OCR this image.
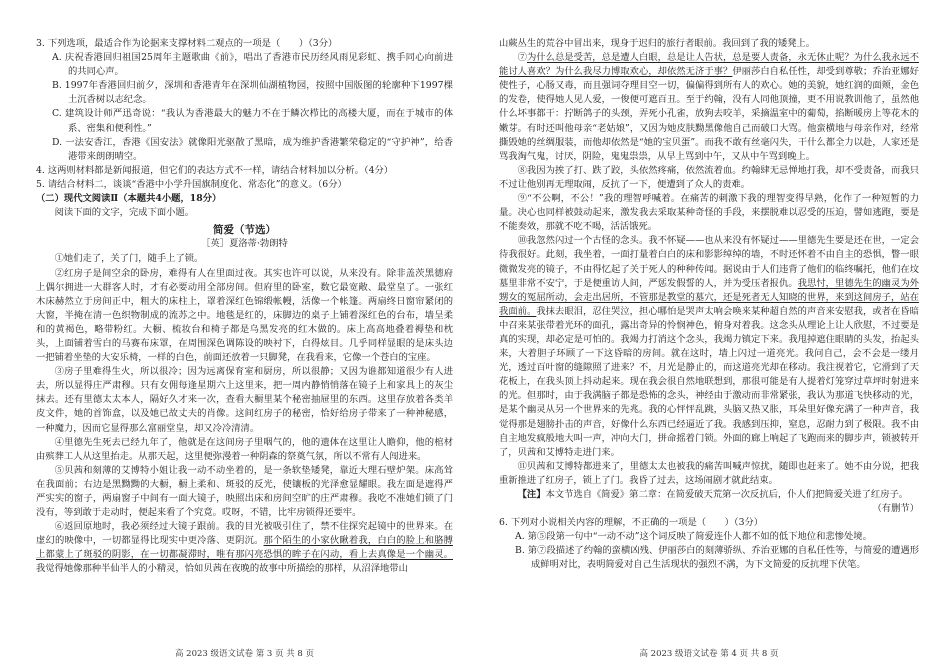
3. 下列选项，最适合作为论据来支撑材料二观点的一项是（　　）（3分）

A. 庆祝香港回归祖国25周年主题歌曲《前》，唱出了香港市民历经风雨见彩虹、携手同心向前进的共同心声。

B. 1997年香港回归前夕，深圳和香港青年在深圳仙湖植物园，按照中国版图的轮廓种下1997棵土沉香树以志纪念。

C. 建筑设计师严迅奇说：“我认为香港最大的魅力不在于鳞次栉比的高楼大厦，而在于城市的体系、密集和便利性。”

D. 一法安香江，香港《国安法》就像阳光驱散了黑暗，成为维护香港繁荣稳定的“守护神”，给香港带来朗朗晴空。

4. 这两则材料都是新闻报道，但它们的表达方式不一样，请结合材料加以分析。（4分）

5. 请结合材料二，谈谈“香港中小学升国旗制度化、常态化”的意义。（6分）

（二）现代文阅读Ⅱ（本题共4小题，18分）

阅读下面的文字，完成下面小题。

简爱（节选）

［英］夏洛蒂·勃朗特

①她们走了，关了门，随手上了锁。

②红房子是间空余的卧房，难得有人在里面过夜。其实也许可以说，从来没有。除非盖茨黑德府上偶尔拥进一大群客人时，才有必要动用全部房间。但府里的卧室，数它最宽敞、最堂皇了。一张红木床赫然立于房间正中，粗大的床柱上，罩着深红色锦缎帐幔，活像一个帐篷。两扇终日窗帘紧闭的大窗，半掩在清一色织物制成的流苏之中。地毯是红的，床脚边的桌子上铺着深红色的台布，墙呈柔和的黄褐色，略带粉红。大橱、梳妆台和椅子都是乌黑发亮的红木做的。床上高高地叠着褥垫和枕头，上面铺着雪白的马赛布床罩，在周围深色调陈设的映衬下，白得炫目。几乎同样显眼的是床头边一把铺着坐垫的大安乐椅，一样的白色，前面还放着一只脚凳，在我看来，它像一个苍白的宝座。

③房子里难得生火，所以很冷；因为远离保育室和厨房，所以很静；又因为谁都知道很少有人进去，所以显得庄严肃穆。只有女佣每逢星期六上这里来，把一周内静悄悄落在镜子上和家具上的灰尘抹去。还有里德太太本人，隔好久才来一次，查看大橱里某个秘密抽屉里的东西。这里存放着各类羊皮文件，她的首饰盒，以及她已故丈夫的肖像。这间红房子的秘密，恰好给房子带来了一种神秘感，一种魔力，因而它显得那么富丽堂皇，却又冷冷清清。

④里德先生死去已经九年了，他就是在这间房子里咽气的，他的遗体在这里让人瞻仰，他的棺材由殡葬工人从这里抬走。从那天起，这里便弥漫着一种阴森的祭奠气氛，所以不常有人闯进来。

⑤贝茜和刻薄的艾博特小姐让我一动不动坐着的，是一条软垫矮凳，靠近大理石壁炉架。床高耸在我面前；右边是黑黝黝的大橱，橱上柔和、斑驳的反光，使镶板的光泽愈显耀眼。我左面是遮得严严实实的窗子，两扇窗子中间有一面大镜子，映照出床和房间空旷的庄严肃穆。我吃不准她们锁了门没有，等到敢于走动时，便起来看了个究竟。哎呀，不错，比牢房锁得还要牢。

⑥返回原地时，我必须经过大镜子跟前。我的目光被吸引住了，禁不住探究起镜中的世界来。在虚幻的映像中，一切都显得比现实中更冷落、更阴沉。那个陌生的小家伙瞅着我，白白的脸上和胳膊上都蒙上了斑驳的阴影，在一切都凝滞时，唯有那闪亮恐惧的眸子在闪动，看上去真像是一个幽灵。我觉得她像那种半仙半人的小精灵，恰如贝茜在夜晚的故事中所描绘的那样，从沼泽地带山

高 2023 级语文试卷 第 3 页 共 8 页

山蕨丛生的荒谷中冒出来，现身于迟归的旅行者眼前。我回到了我的矮凳上。

⑦为什么总是受苦，总是遭人白眼，总是让人告状，总是要人责备，永无休止呢？为什么我永远不能讨人喜欢？为什么我尽力博取欢心，却依然无济于事？伊丽莎白自私任性，却受到尊敬；乔治亚娜好使性子，心肠又毒，而且强词夺理目空一切，偏偏得到所有人的欢心。她的美貌，她红润的面颊，金色的发卷，使得她人见人爱，一俊便可遮百丑。至于约翰，没有人同他顶撞，更不用说教训他了，虽然他什么坏事都干：拧断鸽子的头颈，弄死小孔雀，放狗去咬羊，采摘温室中的葡萄，掐断暖房上等花木的嫩芽。有时还叫他母亲“老姑娘”，又因为她皮肤黝黑像他自己而破口大骂。他蛮横地与母亲作对，经常撕毁她的丝绸服装，而他却依然是“她的宝贝蛋”。而我不敢有丝毫闪失，干什么都全力以赴，人家还是骂我淘气鬼，讨厌，阴险，鬼鬼祟祟，从早上骂到中午，又从中午骂到晚上。

⑧我因为挨了打、跌了跤，头依然疼痛，依然流着血。约翰肆无忌惮地打我，却不受责备，而我只不过让他别再无理取闹，反抗了一下，便遭到了众人的责难。

⑨“不公啊，不公！”我的理智呼喊着。在痛苦的刺激下我的理智变得早熟，化作了一种短暂的力量。决心也同样被鼓动起来，激发我去采取某种奇怪的手段，来摆脱难以忍受的压迫，譬如逃跑，要是不能奏效，那就不吃不喝，活活饿死。

⑩我忽然闪过一个古怪的念头。我不怀疑——也从来没有怀疑过——里德先生要是还在世，一定会待我很好。此刻，我坐着，一面打量着白白的床和影影绰绰的墙，不时还怀着不由自主的恐惧，瞥一眼微微发亮的镜子，不由得忆起了关于死人的种种传闻。据说由于人们违背了他们的临终嘱托，他们在坟墓里非常不安宁，于是便重访人间，严惩发假誓的人，并为受压者报仇。我思忖，里德先生的幽灵为外甥女的冤屈所动，会走出居所，不管那是教堂的墓穴，还是死者无人知晓的世界，来到这间房子，站在我面前。我抹去眼泪，忍住哭泣，担心哪怕是哭声太响会唤来某种超自然的声音来安慰我，或者在昏暗中召来某张带着光环的面孔，露出奇异的怜悯神色，俯身对着我。这念头从理论上让人欣慰，不过要是真的实现，却必定是可怕的。我竭力打消这个念头，我竭力镇定下来。我甩掉遮住眼睛的头发，抬起头来，大着胆子环顾了一下这昏暗的房间。就在这时，墙上闪过一道亮光。我问自己，会不会是一缕月光，透过百叶窗的缝隙照了进来？不，月光是静止的，而这道亮光却在移动。我注视着它，它滑到了天花板上，在我头顶上抖动起来。现在我会很自然地联想到，那很可能是有人提着灯笼穿过草坪时射进来的光。但那时，由于我满脑子都是恐怖的念头，神经由于激动而非常紧张，我认为那道飞快移动的光，是某个幽灵从另一个世界来的先兆。我的心怦怦乱跳，头脑又热又胀，耳朵里好像充满了一种声音，我觉得那是翅膀扑击的声音，好像什么东西已经逼近了我。我感到压抑，窒息，忍耐力到了极限。我不由自主地发疯般地大叫一声，冲向大门，拼命摇着门锁。外面的廊上响起了飞跑而来的脚步声，锁被转开了，贝茜和艾博特走进门来。

⑪贝茜和艾博特都进来了，里德太太也被我的痛苦叫喊声惊扰，随即也赶来了。她不由分说，把我重新推进了红房子，锁上了门。我昏了过去，这场闹剧才就此结束。

【注】本文节选自《简爱》第二章：在简爱破天荒第一次反抗后，仆人们把简爱关进了红房子。

（有删节）

6. 下列对小说相关内容的理解，不正确的一项是（　　）（3分）

A. 第⑤段第一句中“一动不动”这个词反映了简爱连仆人都不如的低下地位和悲惨处境。

B. 第⑦段描述了约翰的蛮横凶残、伊丽莎白的刻薄骄纵、乔治亚娜的自私任性等，与简爱的遭遇形成鲜明对比，表明简爱对自己生活现状的强烈不满，为下文简爱的反抗埋下伏笔。

高 2023 级语文试卷 第 4 页 共 8 页
